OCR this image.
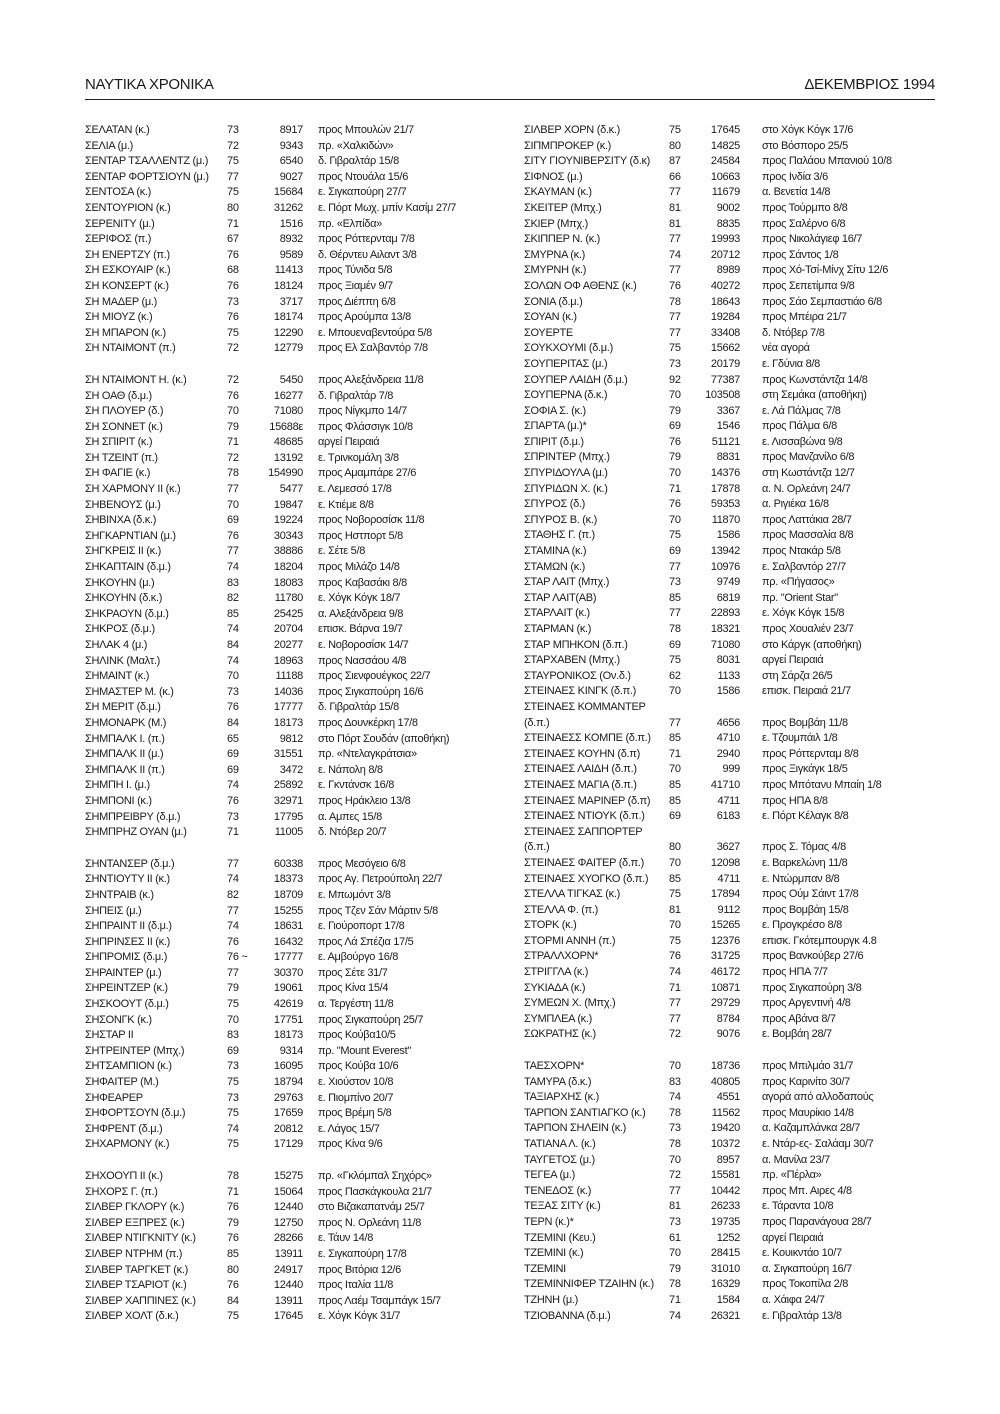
ΝΑΥΤΙΚΑ ΧΡΟΝΙΚΑ	ΔΕΚΕΜΒΡΙΟΣ 1994
ΣΕΛΑΤΑΝ (κ.)	73	8917 προς Μπουλών 21/7
ΣΕΛΙΑ (μ.)	72	9343 πρ. «Χαλκιδών»
ΣΕΝΤΑΡ ΤΣΑΛΛΕΝΤΖ (μ.) 75	6540 δ. Γιβραλτάρ 15/8
ΣΕΝΤΑΡ ΦΟΡΤΣΙΟΥΝ (μ.) 77	9027 προς Ντουάλα 15/6
ΣΕΝΤΟΣΑ (κ.)	75	15684 ε. Σιγκαπούρη 27/7
ΣΕΝΤΟΥΡΙΟΝ (κ.)	80	31262 ε. Πόρτ Μωχ. μπίν Κασίμ 27/7
ΣΕΡΕΝΙΤΥ (μ.)	71	1516 πρ. «Ελπίδα»
ΣΕΡΙΦΟΣ (π.)	67	8932 προς Ρόττερνταμ 7/8
ΣΗ ΕΝΕΡΤΖΥ (π.)	76	9589 δ. Θέρντευ Αιλαντ 3/8
ΣΗ ΕΣΚΟΥΑΙΡ (κ.)	68	11413 προς Τύνιδα 5/8
ΣΗ ΚΟΝΣΕΡΤ (κ.)	76	18124 προς Ξιαμέν 9/7
ΣΗ ΜΑΔΕΡ (μ.)	73	3717 προς Διέππη 6/8
ΣΗ ΜΙΟΥΖ (κ.)	76	18174 προς Αρούμπα 13/8
ΣΗ ΜΠΑΡΟΝ (κ.)	75	12290 ε. Μπουεναβεντούρα 5/8
ΣΗ ΝΤΑΙΜΟΝΤ (π.)	72	12779 προς Ελ Σαλβαντόρ 7/8
ΣΗ ΝΤΑΙΜΟΝΤ Η. (κ.)	72	5450 προς Αλεξάνδρεια 11/8
ΣΗ ΟΑΘ (δ.μ.)	76	16277 δ. Γιβραλτάρ 7/8
ΣΗ ΠΛΟΥΕΡ (δ.)	70	71080 προς Νίγκμπο 14/7
ΣΗ ΣΟΝΝΕΤ (κ.)	79	15688ε προς Φλάσσιγκ 10/8
ΣΗ ΣΠΙΡΙΤ (κ.)	71	48685 αργεί Πειραιά
ΣΗ ΤΖΕΙΝΤ (π.)	72	13192 ε. Τρινκομάλη 3/8
ΣΗ ΦΑΓΙΕ (κ.)	78	154990 προς Αμαμπάρε 27/6
ΣΗ ΧΑΡΜΟΝΥ ΙΙ (κ.)	77	5477 ε. Λεμεσσό 17/8
ΣΗΒΕΝΟΥΣ (μ.)	70	19847 ε. Κτιέμε 8/8
ΣΗΒΙΝΧΑ (δ.κ.)	69	19224 προς Νοβοροσίσκ 11/8
ΣΗΓΚΑΡΝΤΙΑΝ (μ.)	76	30343 προς Ηστπορτ 5/8
ΣΗΓΚΡΕΙΣ ΙΙ (κ.)	77	38886 ε. Σέτε 5/8
ΣΗΚΑΠΤΑΙΝ (δ.μ.)	74	18204 προς Μιλάζο 14/8
ΣΗΚΟΥΗΝ (μ.)	83	18083 προς Καβασάκι 8/8
ΣΗΚΟΥΗΝ (δ.κ.)	82	11780 ε. Χόγκ Κόγκ 18/7
ΣΗΚΡΑΟΥΝ (δ.μ.)	85	25425 α. Αλεξάνδρεια 9/8
ΣΗΚΡΟΣ (δ.μ.)	74	20704 επισκ. Βάρνα 19/7
ΣΗΛΑΚ 4 (μ.)	84	20277 ε. Νοβοροσίσκ 14/7
ΣΗΛΙΝΚ (Μαλτ.)	74	18963 προς Νασσάου 4/8
ΣΗΜΑΙΝΤ (κ.)	70	11188 προς Σιενφουέγκος 22/7
ΣΗΜΑΣΤΕΡ Μ. (κ.)	73	14036 προς Σιγκαπούρη 16/6
ΣΗ ΜΕΡΙΤ (δ.μ.)	76	17777 δ. Γιβραλτάρ 15/8
ΣΗΜΟΝΑΡΚ (Μ.)	84	18173 προς Δουνκέρκη 17/8
ΣΗΜΠΑΛΚ Ι. (π.)	65	9812 στο Πόρτ Σουδάν (αποθήκη)
ΣΗΜΠΑΛΚ ΙΙ (μ.)	69	31551 πρ. «Ντελαγκράτσια»
ΣΗΜΠΑΛΚ ΙΙ (π.)	69	3472 ε. Νάπολη 8/8
ΣΗΜΠΗ Ι. (μ.)	74	25892 ε. Γκντάνσκ 16/8
ΣΗΜΠΟΝΙ (κ.)	76	32971 προς Ηράκλειο 13/8
ΣΗΜΠΡΕΙΒΡΥ (δ.μ.)	73	17795 α. Αμπες 15/8
ΣΗΜΠΡΗΖ ΟΥΑΝ (μ.)	71	11005 δ. Ντόβερ 20/7
ΣΗΝΤΑΝΣΕΡ (δ.μ.)	77	60338 προς Μεσόγειο 6/8
ΣΗΝΤΙΟΥΤΥ ΙΙ (κ.)	74	18373 προς Αγ. Πετρούπολη 22/7
ΣΗΝΤΡΑΙΒ (κ.)	82	18709 ε. Μπωμόντ 3/8
ΣΗΠΕΙΣ (μ.)	77	15255 προς Τζεν Σάν Μάρτιν 5/8
ΣΗΠΡΑΙΝΤ ΙΙ (δ.μ.)	74	18631 ε. Γιούροπορτ 17/8
ΣΗΠΡΙΝΣΕΣ ΙΙ (κ.)	76	16432 προς Λά Σπέζια 17/5
ΣΗΠΡΟΜΙΣ (δ.μ.)	76 ~	17777 ε. Αμβούργο 16/8
ΣΗΡΑΙΝΤΕΡ (μ.)	77	30370 προς Σέτε 31/7
ΣΗΡΕΙΝΤΖΕΡ (κ.)	79	19061 προς Κίνα 15/4
ΣΗΣΚΟΟΥΤ (δ.μ.)	75	42619 α. Τεργέστη 11/8
ΣΗΣΟΝΓΚ (κ.)	70	17751 προς Σιγκαπούρη 25/7
ΣΗΣΤΑΡ ΙΙ	83	18173 προς Κούβα10/5
ΣΗΤΡΕΙΝΤΕΡ (Μπχ.)	69	9314 πρ. "Mount Everest"
ΣΗΤΣΑΜΠΙΟΝ (κ.)	73	16095 προς Κούβα 10/6
ΣΗΦΑΙΤΕΡ (Μ.)	75	18794 ε. Χιούστον 10/8
ΣΗΦΕΑΡΕΡ	73	29763 ε. Πιομπίνο 20/7
ΣΗΦΟΡΤΣΟΥΝ (δ.μ.)	75	17659 προς Βρέμη 5/8
ΣΗΦΡΕΝΤ (δ.μ.)	74	20812 ε. Λάγος 15/7
ΣΗΧΑΡΜΟΝΥ (κ.)	75	17129 προς Κίνα 9/6
ΣΗΧΟΟΥΠ ΙΙ (κ.)	78	15275 πρ. «Γκλόμπαλ Σηχόρς»
ΣΗΧΟΡΣ Γ. (π.)	71	15064 προς Πασκάγκουλα 21/7
ΣΙΛΒΕΡ ΓΚΛΟΡΥ (κ.)	76	12440 στο Βιζακαπατνάμ 25/7
ΣΙΛΒΕΡ ΕΞΠΡΕΣ (κ.)	79	12750 προς Ν. Ορλεάνη 11/8
ΣΙΛΒΕΡ ΝΤΙΓΚΝΙΤΥ (κ.)	76	28266 ε. Τάυν 14/8
ΣΙΛΒΕΡ ΝΤΡΗΜ (π.)	85	13911 ε. Σιγκαπούρη 17/8
ΣΙΛΒΕΡ ΤΑΡΓΚΕΤ (κ.)	80	24917 προς Βιτόρια 12/6
ΣΙΛΒΕΡ ΤΣΑΡΙΟΤ (κ.)	76	12440 προς Ιταλία 11/8
ΣΙΛΒΕΡ ΧΑΠΠΙΝΕΣ (κ.)	84	13911 προς Λαέμ Τσαμπάγκ 15/7
ΣΙΛΒΕΡ ΧΟΛΤ (δ.κ.)	75	17645 ε. Χόγκ Κόγκ 31/7
ΣΙΛΒΕΡ ΧΟΡΝ (δ.κ.)	75	17645 στο Χόγκ Κόγκ 17/6
ΣΙΠΜΠΡΟΚΕΡ (κ.)	80	14825 στο Βόσπορο 25/5
ΣΙΤΥ ΓΙΟΥΝΙΒΕΡΣΙΤΥ (δ.κ) 87	24584 προς Παλάου Μπανιού 10/8
ΣΙΦΝΟΣ (μ.)	66	10663 προς Ινδία 3/6
ΣΚΑΥΜΑΝ (κ.)	77	11679 α. Βενετία 14/8
ΣΚΕΙΤΕΡ (Μπχ.)	81	9002 προς Τούρμπο 8/8
ΣΚΙΕΡ (Μπχ.)	81	8835 προς Σαλέρνο 6/8
ΣΚΙΠΠΕΡ Ν. (κ.)	77	19993 προς Νικολάγιεφ 16/7
ΣΜΥΡΝΑ (κ.)	74	20712 προς Σάντος 1/8
ΣΜΥΡΝΗ (κ.)	77	8989 προς Χό-Τσί-Μίνχ Σίτυ 12/6
ΣΟΛΩΝ ΟΦ ΑΘΕΝΣ (κ.)	76	40272 προς Σεπετίμπα 9/8
ΣΟΝΙΑ (δ.μ.)	78	18643 προς Σάο Σεμπαστιάο 6/8
ΣΟΥΑΝ (κ.)	77	19284 προς Μπέιρα 21/7
ΣΟΥΕΡΤΕ	77	33408 δ. Ντόβερ 7/8
ΣΟΥΚΧΟΥΜΙ (δ.μ.)	75	15662 νέα αγορά
ΣΟΥΠΕΡΙΤΑΣ (μ.)	73	20179 ε. Γδύνια 8/8
ΣΟΥΠΕΡ ΛΑΙΔΗ (δ.μ.)	92	77387 προς Κωνστάντζα 14/8
ΣΟΥΠΕΡΝΑ (δ.κ.)	70	103508 στη Σεμάκα (αποθήκη)
ΣΟΦΙΑ Σ. (κ.)	79	3367 ε. Λά Πάλμας 7/8
ΣΠΑΡΤΑ (μ.)*	69	1546 προς Πάλμα 6/8
ΣΠΙΡΙΤ (δ.μ.)	76	51121 ε. Λισσαβώνα 9/8
ΣΠΡΙΝΤΕΡ (Μπχ.)	79	8831 προς Μανζανίλο 6/8
ΣΠΥΡΙΔΟΥΛΑ (μ.)	70	14376 στη Κωστάντζα 12/7
ΣΠΥΡΙΔΩΝ Χ. (κ.)	71	17878 α. Ν. Ορλεάνη 24/7
ΣΠΥΡΟΣ (δ.)	76	59353 α. Ριγιέκα 16/8
ΣΠΥΡΟΣ Β. (κ.)	70	11870 προς Λαττάκια 28/7
ΣΤΑΘΗΣ Γ. (π.)	75	1586 προς Μασσαλία 8/8
ΣΤΑΜΙΝΑ (κ.)	69	13942 προς Ντακάρ 5/8
ΣΤΑΜΩΝ (κ.)	77	10976 ε. Σαλβαντόρ 27/7
ΣΤΑΡ ΛΑΙΤ (Μπχ.)	73	9749 πρ. «Πήγασος»
ΣΤΑΡ ΛΑΙΤ(ΑΒ)	85	6819 πρ. "Orient Star"
ΣΤΑΡΛΑΙΤ (κ.)	77	22893 ε. Χόγκ Κόγκ 15/8
ΣΤΑΡΜΑΝ (κ.)	78	18321 προς Χουαλιέν 23/7
ΣΤΑΡ ΜΠΗΚΟΝ (δ.π.)	69	71080 στο Κάργκ (αποθήκη)
ΣΤΑΡΧΑΒΕΝ (Μπχ.)	75	8031 αργεί Πειραιά
ΣΤΑΥΡΟΝΙΚΟΣ (Ον.δ.)	62	1133 στη Σάρζα 26/5
ΣΤΕΙΝΑΕΣ ΚΙΝΓΚ (δ.π.)	70	1586 επισκ. Πειραιά 21/7
ΣΤΕΙΝΑΕΣ ΚΟΜΜΑΝΤΕΡ
(δ.π.)	77	4656 προς Βομβάη 11/8
ΣΤΕΙΝΑΕΣΣ ΚΟΜΠΕ (δ.π.) 85	4710 ε. Τζουμπάιλ 1/8
ΣΤΕΙΝΑΕΣ ΚΟΥΗΝ (δ.π)	71	2940 προς Ρόττερνταμ 8/8
ΣΤΕΙΝΑΕΣ ΛΑΙΔΗ (δ.π.)	70	999 προς Ξιγκάγκ 18/5
ΣΤΕΙΝΑΕΣ ΜΑΓΙΑ (δ.π.)	85	41710 προς Μπότανυ Μπαίη 1/8
ΣΤΕΙΝΑΕΣ ΜΑΡΙΝΕΡ (δ.π) 85	4711 προς ΗΠΑ 8/8
ΣΤΕΙΝΑΕΣ ΝΤΙΟΥΚ (δ.π.) 69	6183 ε. Πόρτ Κέλαγκ 8/8
ΣΤΕΙΝΑΕΣ ΣΑΠΠΟΡΤΕΡ
(δ.π.)	80	3627 προς Σ. Τόμας 4/8
ΣΤΕΙΝΑΕΣ ΦΑΙΤΕΡ (δ.π.) 70	12098 ε. Βαρκελώνη 11/8
ΣΤΕΙΝΑΕΣ ΧΥΟΓΚΟ (δ.π.) 85	4711 ε. Ντώρμπαν 8/8
ΣΤΕΛΛΑ ΤΙΓΚΑΣ (κ.)	75	17894 προς Ούμ Σάιντ 17/8
ΣΤΕΛΛΑ Φ. (π.)	81	9112 προς Βομβάη 15/8
ΣΤΟΡΚ (κ.)	70	15265 ε. Προγκρέσο 8/8
ΣΤΟΡΜΙ ΑΝΝΗ (π.)	75	12376 επισκ. Γκότεμπουργκ 4.8
ΣΤΡΑΛΛΧΟΡΝ*	76	31725 προς Βανκούβερ 27/6
ΣΤΡΙΓΓΛΑ (κ.)	74	46172 προς ΗΠΑ 7/7
ΣΥΚΙΑΔΑ (κ.)	71	10871 προς Σιγκαπούρη 3/8
ΣΥΜΕΩΝ Χ. (Μπχ.)	77	29729 προς Αργεντινή 4/8
ΣΥΜΠΛΕΑ (κ.)	77	8784 προς Αβάνα 8/7
ΣΩΚΡΑΤΗΣ (κ.)	72	9076 ε. Βομβάη 28/7
ΤΑΕΣΧΟΡΝ*	70	18736 προς Μπιλμάο 31/7
ΤΑΜΥΡΑ (δ.κ.)	83	40805 προς Καρινίτο 30/7
ΤΑΞΙΑΡΧΗΣ (κ.)	74	4551 αγορά από αλλοδαπούς
ΤΑΡΠΟΝ ΣΑΝΤΙΑΓΚΟ (κ.) 78	11562 προς Μαυρίκιο 14/8
ΤΑΡΠΟΝ ΣΗΛΕΙΝ (κ.)	73	19420 α. Καζαμπλάνκα 28/7
ΤΑΤΙΑΝΑ Λ. (κ.)	78	10372 ε. Ντάρ-ες- Σαλάαμ 30/7
ΤΑΥΓΕΤΟΣ (μ.)	70	8957 α. Μανίλα 23/7
ΤΕΓΕΑ (μ.)	72	15581 πρ. «Πέρλα»
ΤΕΝΕΔΟΣ (κ.)	77	10442 προς Μπ. Αιρες 4/8
ΤΕΞΑΣ ΣΙΤΥ (κ.)	81	26233 ε. Τάραντα 10/8
ΤΕΡΝ (κ.)*	73	19735 προς Παρανάγουα 28/7
ΤΖΕΜΙΝΙ (Κευ.)	61	1252 αργεί Πειραιά
ΤΖΕΜΙΝΙ (κ.)	70	28415 ε. Κουικντάο 10/7
ΤΖΕΜΙΝΙ	79	31010 α. Σιγκαπούρη 16/7
ΤΖΕΜΙΝΝΙΦΕΡ ΤΖΑΙΗΝ (κ.) 78	16329 προς Τοκοπίλα 2/8
ΤΖΗΝΗ (μ.)	71	1584 α. Χάιφα 24/7
ΤΖΙΟΒΑΝΝΑ (δ.μ.)	74	26321 ε. Γιβραλτάρ 13/8
